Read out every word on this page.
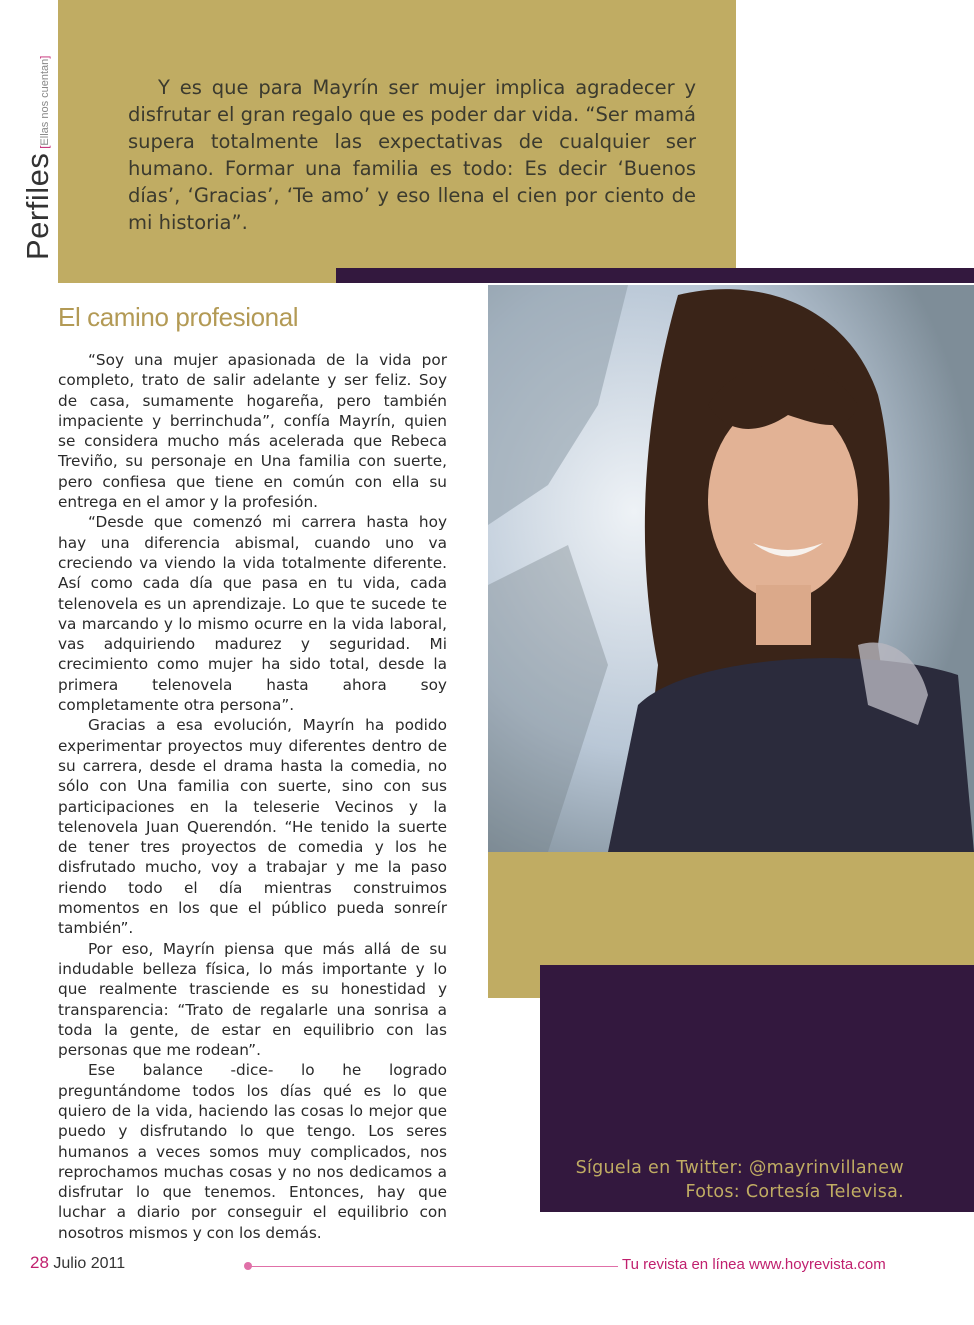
Perfiles
[Ellas nos cuentan]
Y es que para Mayrín ser mujer implica agradecer y disfrutar el gran regalo que es poder dar vida. “Ser mamá supera totalmente las expectativas de cualquier ser humano. Formar una familia es todo: Es decir ‘Buenos días’, ‘Gracias’, ‘Te amo’ y eso llena el cien por ciento de mi historia”.
El camino profesional

“Soy una mujer apasionada de la vida por completo, trato de salir adelante y ser feliz. Soy de casa, sumamente hogareña, pero también impaciente y berrinchuda”, confía Mayrín, quien se considera mucho más acelerada que Rebeca Treviño, su personaje en Una familia con suerte, pero confiesa que tiene en común con ella su entrega en el amor y la profesión.

“Desde que comenzó mi carrera hasta hoy hay una diferencia abismal, cuando uno va creciendo va viendo la vida totalmente diferente. Así como cada día que pasa en tu vida, cada telenovela es un aprendizaje. Lo que te sucede te va marcando y lo mismo ocurre en la vida laboral, vas adquiriendo madurez y seguridad. Mi crecimiento como mujer ha sido total, desde la primera telenovela hasta ahora soy completamente otra persona”.

Gracias a esa evolución, Mayrín ha podido experimentar proyectos muy diferentes dentro de su carrera, desde el drama hasta la comedia, no sólo con Una familia con suerte, sino con sus participaciones en la teleserie Vecinos y la telenovela Juan Querendón. “He tenido la suerte de tener tres proyectos de comedia y los he disfrutado mucho, voy a trabajar y me la paso riendo todo el día mientras construimos momentos en los que el público pueda sonreír también”.

Por eso, Mayrín piensa que más allá de su indudable belleza física, lo más importante y lo que realmente trasciende es su honestidad y transparencia: “Trato de regalarle una sonrisa a toda la gente, de estar en equilibrio con las personas que me rodean”.

Ese balance -dice- lo he logrado preguntándome todos los días qué es lo que quiero de la vida, haciendo las cosas lo mejor que puedo y disfrutando lo que tengo. Los seres humanos a veces somos muy complicados, nos reprochamos muchas cosas y no nos dedicamos a disfrutar lo que tenemos. Entonces, hay que luchar a diario por conseguir el equilibrio con nosotros mismos y con los demás.

Síguela en Twitter: @mayrinvillanew
Fotos: Cortesía Televisa.
28 Julio 2011	Tu revista en línea www.hoyrevista.com
